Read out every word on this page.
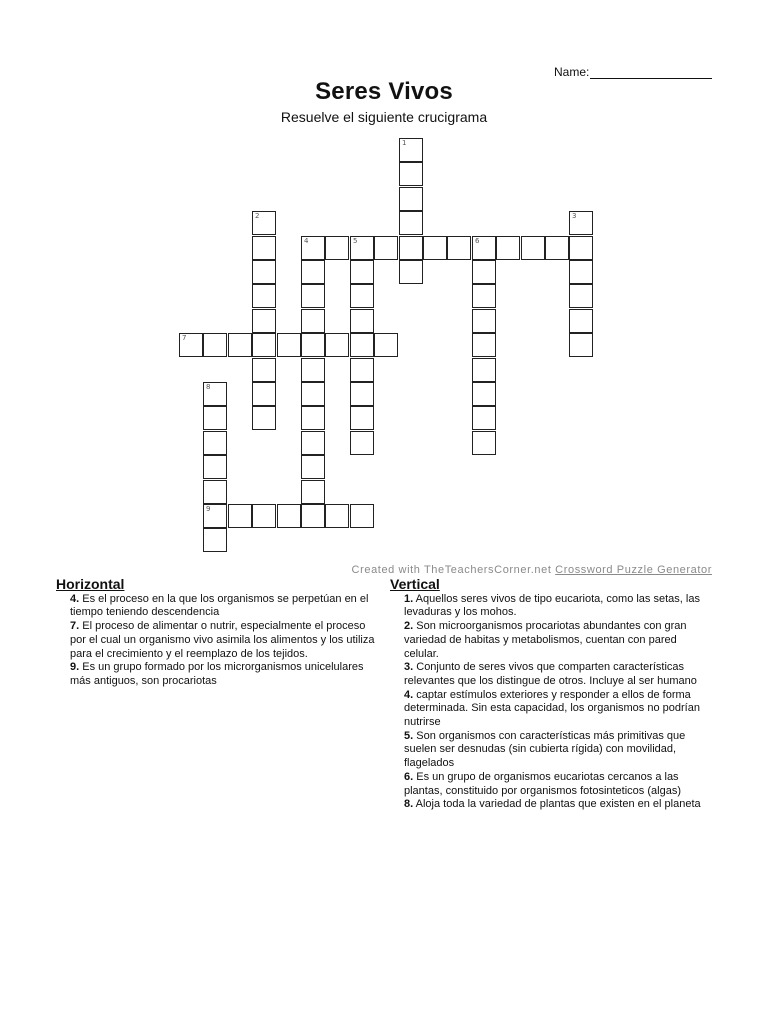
Name:
Seres Vivos
Resuelve el siguiente crucigrama
1
2	3
4	5	6
7
8
9
Created with TheTeachersCorner.net Crossword Puzzle Generator
Horizontal
4. Es el proceso en la que los organismos se perpetúan en el tiempo teniendo descendencia
7. El proceso de alimentar o nutrir, especialmente el proceso por el cual un organismo vivo asimila los alimentos y los utiliza para el crecimiento y el reemplazo de los tejidos.
9. Es un grupo formado por los microrganismos unicelulares más antiguos, son procariotas
Vertical
1. Aquellos seres vivos de tipo eucariota, como las setas, las levaduras y los mohos.
2. Son microorganismos procariotas abundantes con gran variedad de habitas y metabolismos, cuentan con pared celular.
3. Conjunto de seres vivos que comparten características relevantes que los distingue de otros. Incluye al ser humano
4. captar estímulos exteriores y responder a ellos de forma determinada. Sin esta capacidad, los organismos no podrían nutrirse
5. Son organismos con características más primitivas que suelen ser desnudas (sin cubierta rígida) con movilidad, flagelados
6. Es un grupo de organismos eucariotas cercanos a las plantas, constituido por organismos fotosinteticos (algas)
8. Aloja toda la variedad de plantas que existen en el planeta
